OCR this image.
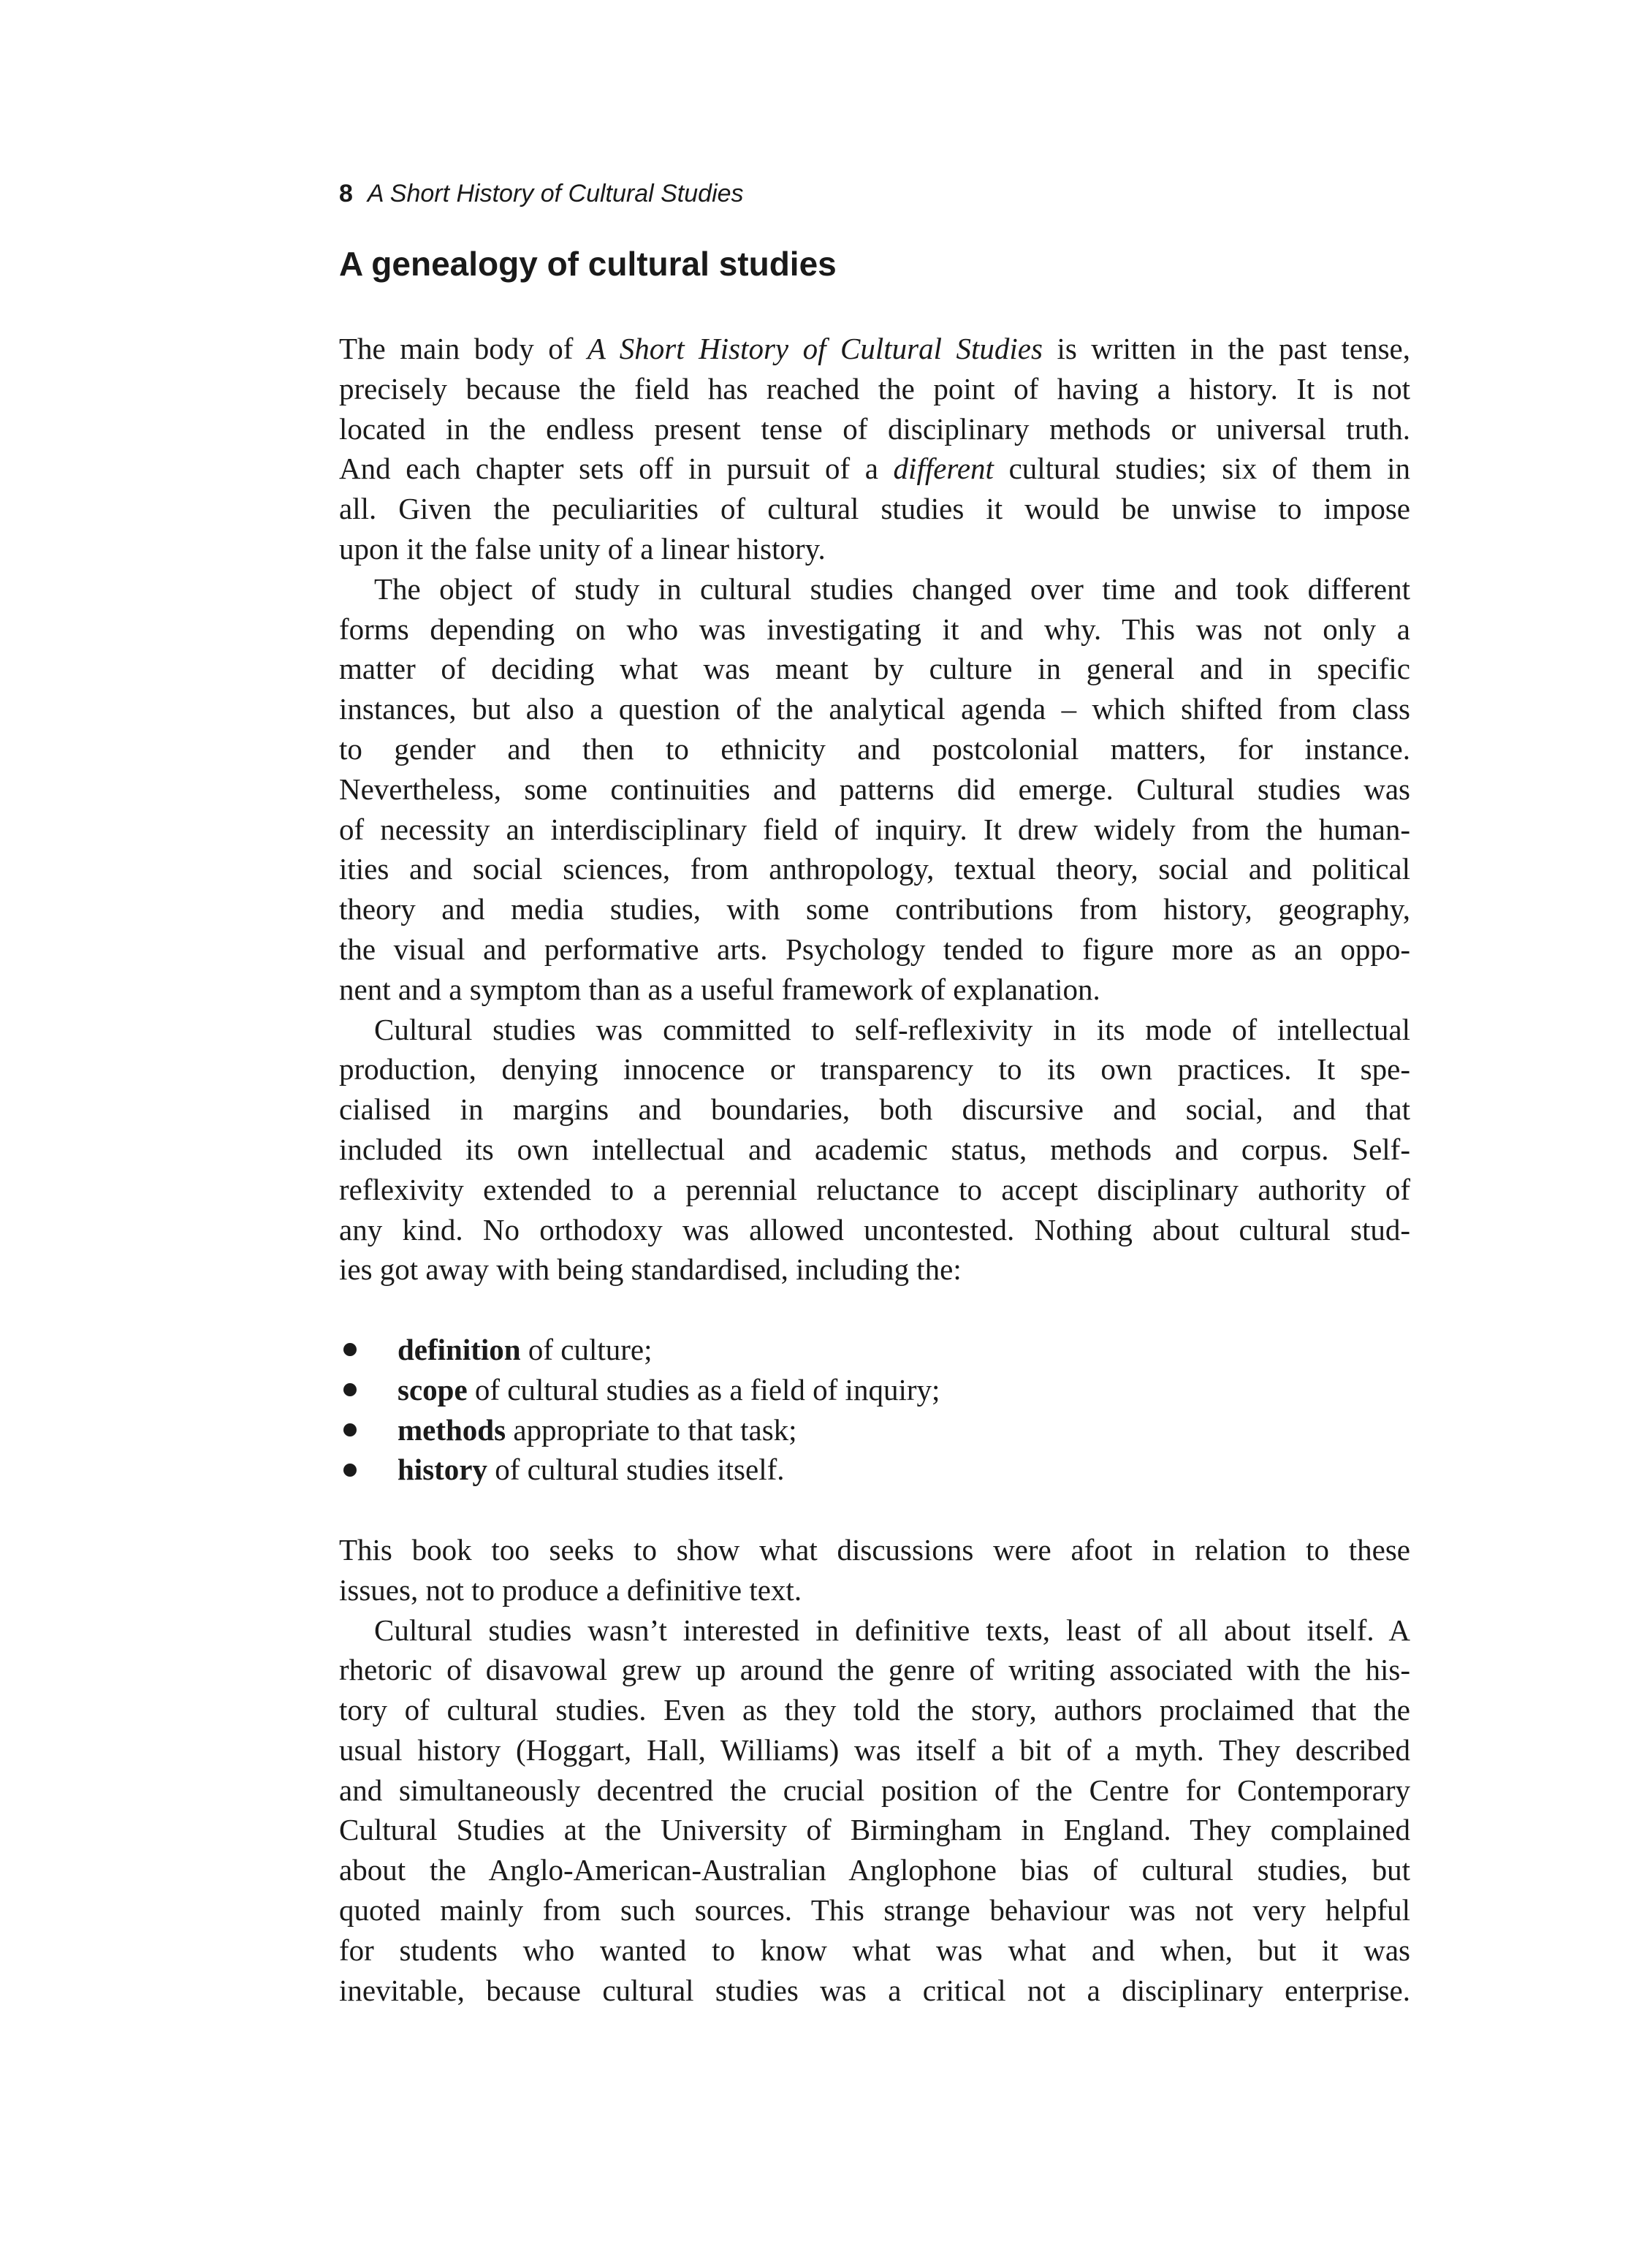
8 A Short History of Cultural Studies
A genealogy of cultural studies
The main body of A Short History of Cultural Studies is written in the past tense,
precisely because the field has reached the point of having a history. It is not
located in the endless present tense of disciplinary methods or universal truth.
And each chapter sets off in pursuit of a different cultural studies; six of them in
all. Given the peculiarities of cultural studies it would be unwise to impose
upon it the false unity of a linear history.
The object of study in cultural studies changed over time and took different
forms depending on who was investigating it and why. This was not only a
matter of deciding what was meant by culture in general and in specific
instances, but also a question of the analytical agenda – which shifted from class
to gender and then to ethnicity and postcolonial matters, for instance.
Nevertheless, some continuities and patterns did emerge. Cultural studies was
of necessity an interdisciplinary field of inquiry. It drew widely from the human-
ities and social sciences, from anthropology, textual theory, social and political
theory and media studies, with some contributions from history, geography,
the visual and performative arts. Psychology tended to figure more as an oppo-
nent and a symptom than as a useful framework of explanation.
Cultural studies was committed to self-reflexivity in its mode of intellectual
production, denying innocence or transparency to its own practices. It spe-
cialised in margins and boundaries, both discursive and social, and that
included its own intellectual and academic status, methods and corpus. Self-
reflexivity extended to a perennial reluctance to accept disciplinary authority of
any kind. No orthodoxy was allowed uncontested. Nothing about cultural stud-
ies got away with being standardised, including the:
definition of culture;
scope of cultural studies as a field of inquiry;
methods appropriate to that task;
history of cultural studies itself.
This book too seeks to show what discussions were afoot in relation to these
issues, not to produce a definitive text.
Cultural studies wasn’t interested in definitive texts, least of all about itself. A
rhetoric of disavowal grew up around the genre of writing associated with the his-
tory of cultural studies. Even as they told the story, authors proclaimed that the
usual history (Hoggart, Hall, Williams) was itself a bit of a myth. They described
and simultaneously decentred the crucial position of the Centre for Contemporary
Cultural Studies at the University of Birmingham in England. They complained
about the Anglo-American-Australian Anglophone bias of cultural studies, but
quoted mainly from such sources. This strange behaviour was not very helpful
for students who wanted to know what was what and when, but it was
inevitable, because cultural studies was a critical not a disciplinary enterprise.
